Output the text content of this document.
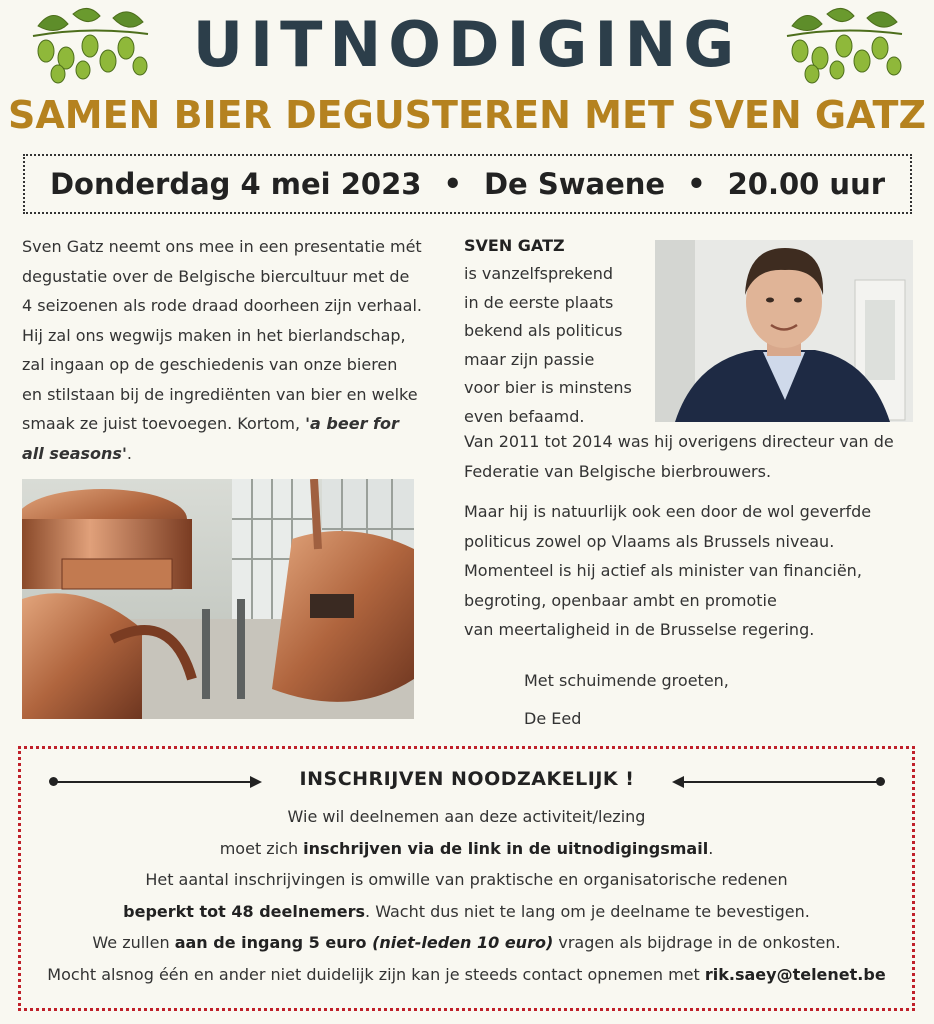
UITNODIGING
SAMEN BIER DEGUSTEREN MET SVEN GATZ
Donderdag 4 mei 2023 • De Swaene • 20.00 uur

Sven Gatz neemt ons mee in een presentatie mét degustatie over de Belgische biercultuur met de 4 seizoenen als rode draad doorheen zijn verhaal. Hij zal ons wegwijs maken in het bierlandschap, zal ingaan op de geschiedenis van onze bieren en stilstaan bij de ingrediënten van bier en welke smaak ze juist toevoegen. Kortom, 'a beer for all seasons'.

SVEN GATZ
is vanzelfsprekend
in de eerste plaats
bekend als politicus
maar zijn passie
voor bier is minstens
even befaamd.

Van 2011 tot 2014 was hij overigens directeur van de Federatie van Belgische bierbrouwers.

Maar hij is natuurlijk ook een door de wol geverfde
politicus zowel op Vlaams als Brussels niveau.
Momenteel is hij actief als minister van financiën,
begroting, openbaar ambt en promotie
van meertaligheid in de Brusselse regering.
Met schuimende groeten,
De Eed
INSCHRIJVEN NOODZAKELIJK !
Wie wil deelnemen aan deze activiteit/lezing
moet zich inschrijven via de link in de uitnodigingsmail.
Het aantal inschrijvingen is omwille van praktische en organisatorische redenen
beperkt tot 48 deelnemers. Wacht dus niet te lang om je deelname te bevestigen.
We zullen aan de ingang 5 euro (niet-leden 10 euro) vragen als bijdrage in de onkosten.
Mocht alsnog één en ander niet duidelijk zijn kan je steeds contact opnemen met rik.saey@telenet.be
